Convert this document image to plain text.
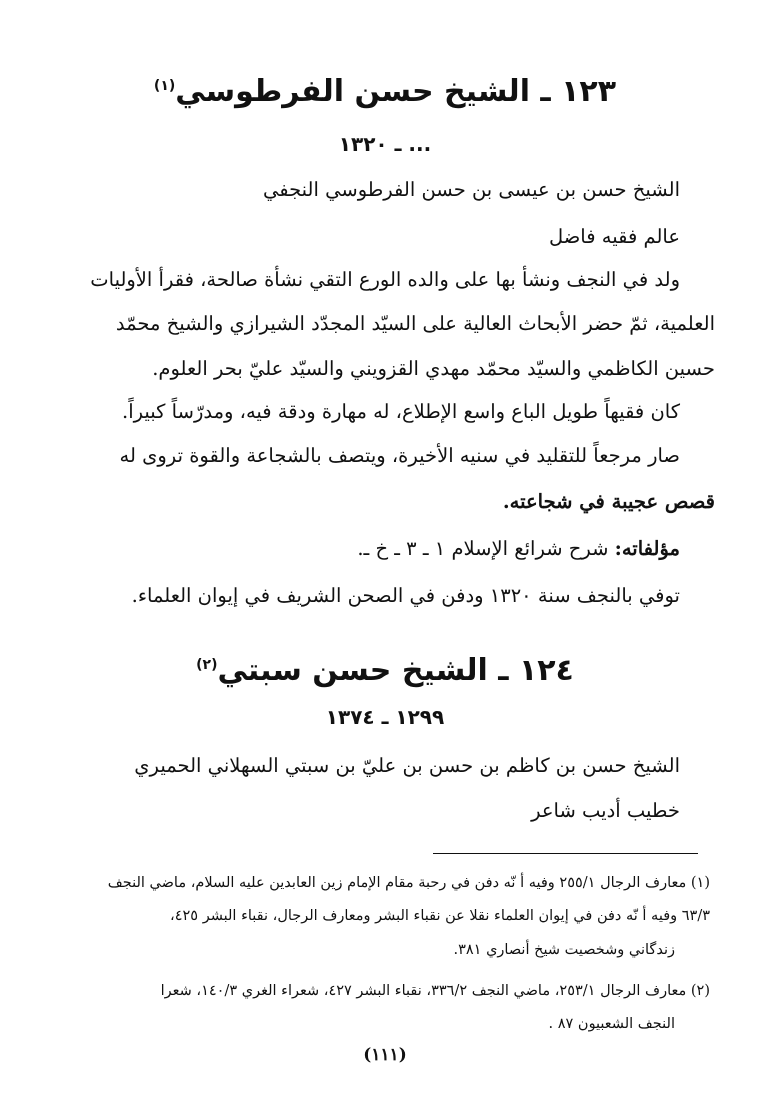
١٢٣ ـ الشيخ حسن الفرطوسي$^{(١)}$

... ـ ١٣٢٠

الشيخ حسن بن عيسى بن حسن الفرطوسي النجفي

عالم فقيه فاضل

ولد في النجف ونشأ بها على والده الورع التقي نشأة صالحة، فقرأ الأوليات

العلمية، ثمّ حضر الأبحاث العالية على السيّد المجدّد الشيرازي والشيخ محمّد

حسين الكاظمي والسيّد محمّد مهدي القزويني والسيّد عليّ بحر العلوم.

كان فقيهاً طويل الباع واسع الإطلاع، له مهارة ودقة فيه، ومدرّساً كبيراً.

صار مرجعاً للتقليد في سنيه الأخيرة، ويتصف بالشجاعة والقوة تروى له

قصص عجيبة في شجاعته.

مؤلفاته: شرح شرائع الإسلام ١ ـ ٣ ـ خ ـ.

توفي بالنجف سنة ١٣٢٠ ودفن في الصحن الشريف في إيوان العلماء.

١٢٤ ـ الشيخ حسن سبتي$^{(٢)}$

١٢٩٩ ـ ١٣٧٤

الشيخ حسن بن كاظم بن حسن بن عليّ بن سبتي السهلاني الحميري

خطيب أديب شاعر

(١) معارف الرجال ٢٥٥/١ وفيه أ نّه دفن في رحبة مقام الإمام زين العابدين عليه السلام، ماضي النجف

٦٣/٣ وفيه أ نّه دفن في إيوان العلماء نقلا عن نقباء البشر ومعارف الرجال، نقباء البشر ٤٢٥،

زندگاني وشخصيت شيخ أنصاري ٣٨١.

(٢) معارف الرجال ٢٥٣/١، ماضي النجف ٣٣٦/٢، نقباء البشر ٤٢٧، شعراء الغري ١٤٠/٣، شعرا

النجف الشعبيون ٨٧ .

(١١١)
